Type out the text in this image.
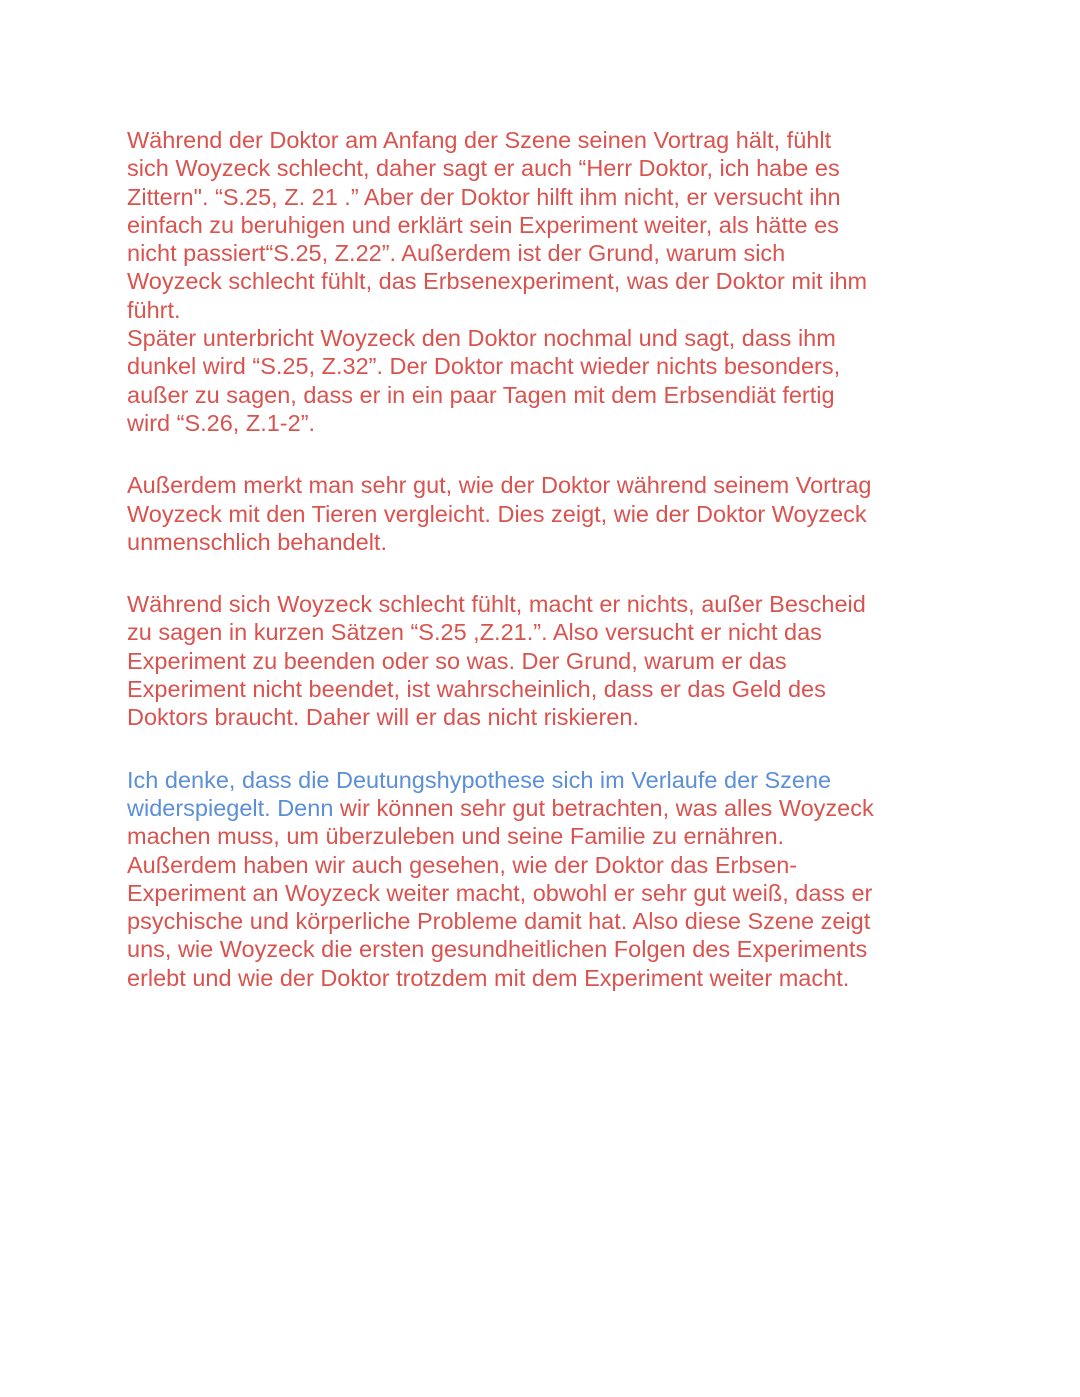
Während der Doktor am Anfang der Szene seinen Vortrag hält, fühlt
sich Woyzeck schlecht, daher sagt er auch “Herr Doktor, ich habe es
Zittern". “S.25, Z. 21 .” Aber der Doktor hilft ihm nicht, er versucht ihn
einfach zu beruhigen und erklärt sein Experiment weiter, als hätte es
nicht passiert“S.25, Z.22”. Außerdem ist der Grund, warum sich
Woyzeck schlecht fühlt, das Erbsenexperiment, was der Doktor mit ihm
führt.
Später unterbricht Woyzeck den Doktor nochmal und sagt, dass ihm
dunkel wird “S.25, Z.32”. Der Doktor macht wieder nichts besonders,
außer zu sagen, dass er in ein paar Tagen mit dem Erbsendiät fertig
wird “S.26, Z.1-2”.

Außerdem merkt man sehr gut, wie der Doktor während seinem Vortrag
Woyzeck mit den Tieren vergleicht. Dies zeigt, wie der Doktor Woyzeck
unmenschlich behandelt.

Während sich Woyzeck schlecht fühlt, macht er nichts, außer Bescheid
zu sagen in kurzen Sätzen “S.25 ,Z.21.”. Also versucht er nicht das
Experiment zu beenden oder so was. Der Grund, warum er das
Experiment nicht beendet, ist wahrscheinlich, dass er das Geld des
Doktors braucht. Daher will er das nicht riskieren.

Ich denke, dass die Deutungshypothese sich im Verlaufe der Szene
widerspiegelt. Denn wir können sehr gut betrachten, was alles Woyzeck
machen muss, um überzuleben und seine Familie zu ernähren.
Außerdem haben wir auch gesehen, wie der Doktor das Erbsen-
Experiment an Woyzeck weiter macht, obwohl er sehr gut weiß, dass er
psychische und körperliche Probleme damit hat. Also diese Szene zeigt
uns, wie Woyzeck die ersten gesundheitlichen Folgen des Experiments
erlebt und wie der Doktor trotzdem mit dem Experiment weiter macht.
